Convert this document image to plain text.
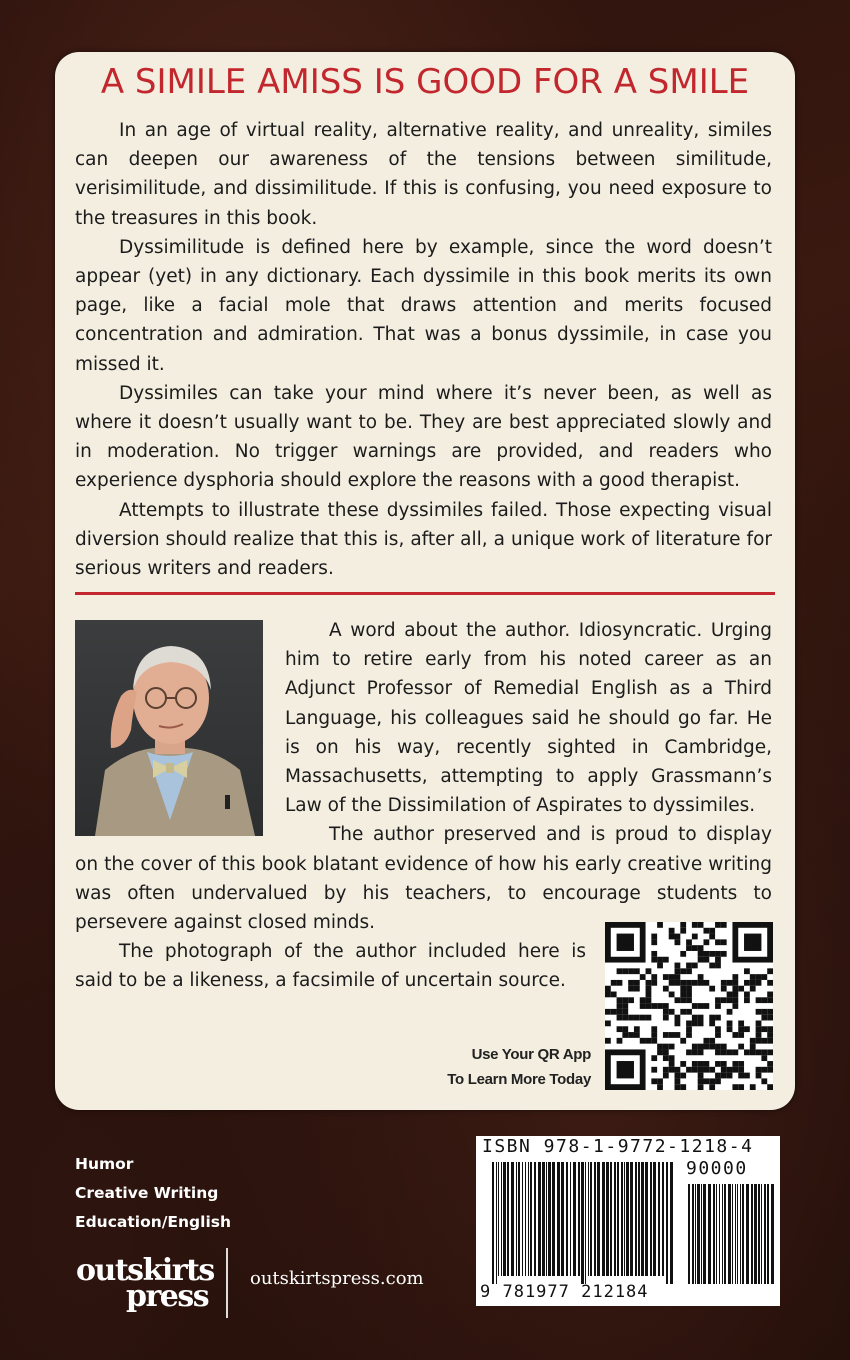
A SIMILE AMISS IS GOOD FOR A SMILE

In an age of virtual reality, alternative reality, and unreality, similes can deepen our awareness of the tensions between similitude, verisimilitude, and dissimilitude. If this is confusing, you need exposure to the treasures in this book.

Dyssimilitude is defined here by example, since the word doesn’t appear (yet) in any dictionary. Each dyssimile in this book merits its own page, like a facial mole that draws attention and merits focused concentration and admiration. That was a bonus dyssimile, in case you missed it.

Dyssimiles can take your mind where it’s never been, as well as where it doesn’t usually want to be. They are best appreciated slowly and in moderation. No trigger warnings are provided, and readers who experience dysphoria should explore the reasons with a good therapist.

Attempts to illustrate these dyssimiles failed. Those expecting visual diversion should realize that this is, after all, a unique work of literature for serious writers and readers.

A word about the author. Idiosyncratic. Urging him to retire early from his noted career as an Adjunct Professor of Remedial English as a Third Language, his colleagues said he should go far. He is on his way, recently sighted in Cambridge, Massachusetts, attempting to apply Grassmann’s Law of the Dissimilation of Aspirates to dyssimiles.

The author preserved and is proud to display on the cover of this book blatant evidence of how his early creative writing was often undervalued by his teachers, to encourage students to persevere against closed minds.

The photograph of the author included here is said to be a likeness, a facsimile of uncertain source.

Use Your QR App
To Learn More Today
Humor
Creative Writing
Education/English
outskirts
press
outskirtspress.com
ISBN 978-1-9772-1218-4
90000
9 781977 212184
